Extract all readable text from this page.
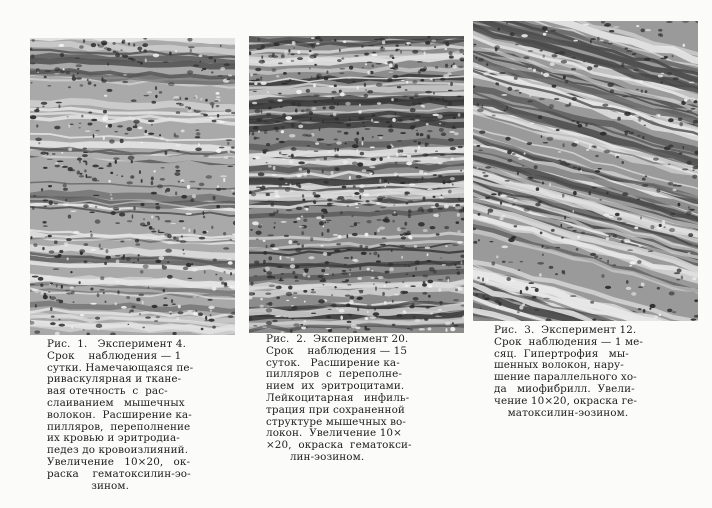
Рис.  1.   Эксперимент 4.
Срок    наблюдения — 1
сутки. Намечающаяся пе-
риваскулярная и ткане-
вая отечность  с  рас-
слаиванием   мышечных
волокон.  Расширение ка-
пилляров,  переполнение
их кровью и эритродиа-
педез до кровоизлияний.
Увеличение   10×20,   ок-
раска    гематоксилин-эо-
зином.

Рис.  2.  Эксперимент 20.
Срок    наблюдения — 15
суток.   Расширение ка-
пилляров  с  переполне-
нием  их  эритроцитами.
Лейкоцитарная   инфиль-
трация при сохраненной
структуре мышечных во-
локон.  Увеличение 10×
×20,  окраска  гематокси-
лин-эозином.

Рис.  3.  Эксперимент 12.
Срок  наблюдения — 1 ме-
сяц.  Гипертрофия   мы-
шенных волокон, нару-
шение параллельного хо-
да   миофибрилл.  Увели-
чение 10×20, окраска ге-
матоксилин-эозином.
